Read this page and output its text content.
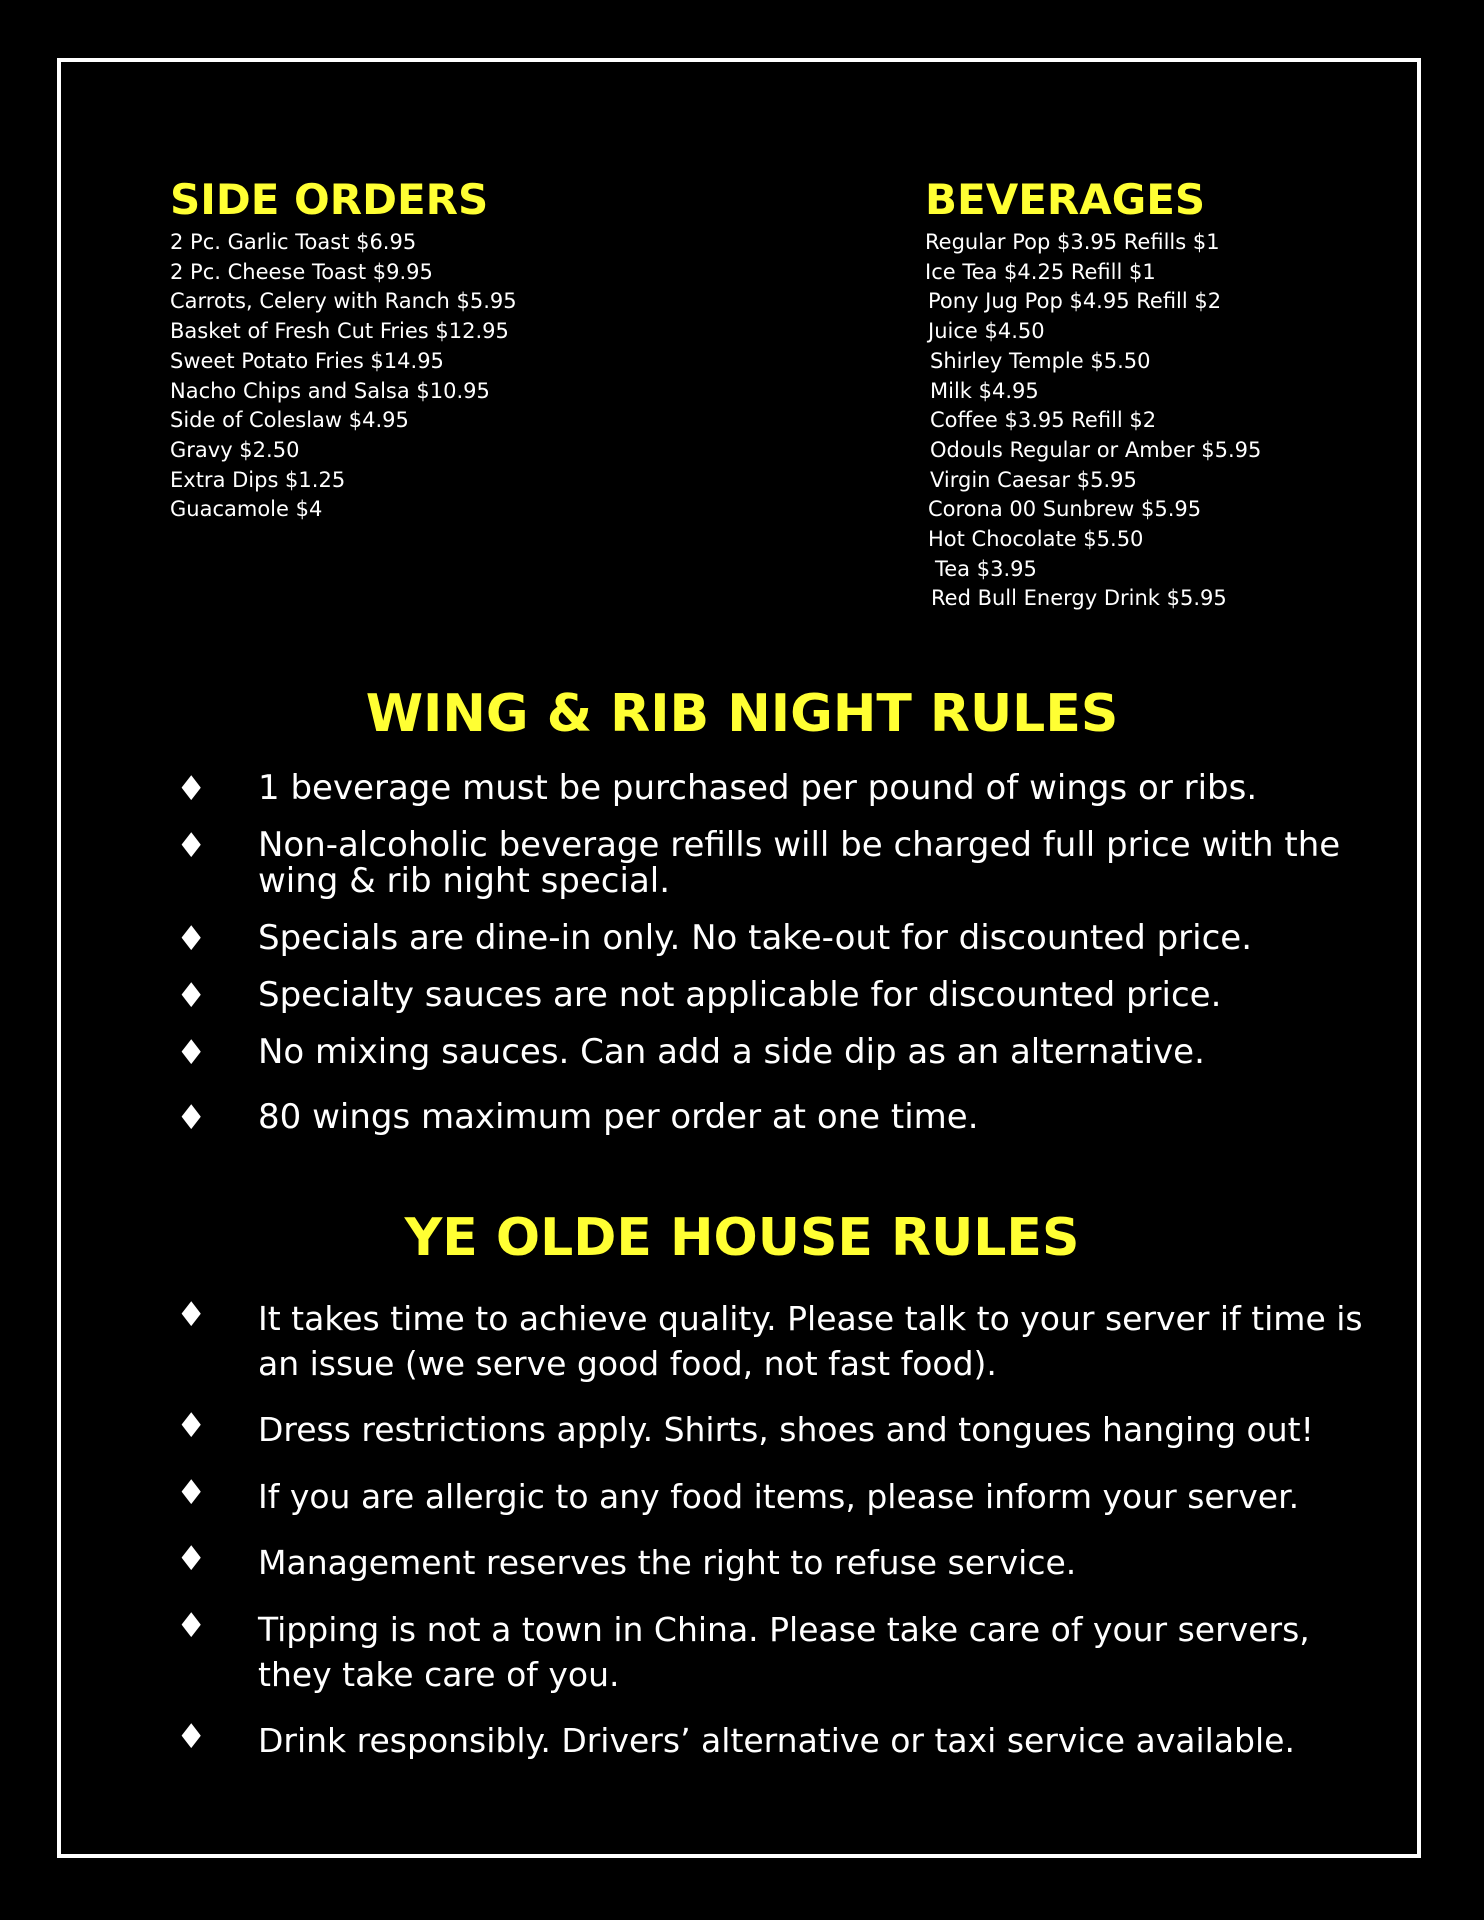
SIDE ORDERS
2 Pc. Garlic Toast $6.95
2 Pc. Cheese Toast $9.95
Carrots, Celery with Ranch $5.95
Basket of Fresh Cut Fries $12.95
Sweet Potato Fries $14.95
Nacho Chips and Salsa $10.95
Side of Coleslaw $4.95
Gravy $2.50
Extra Dips $1.25
Guacamole $4
BEVERAGES
Regular Pop $3.95 Refills $1
Ice Tea $4.25 Refill $1
Pony Jug Pop $4.95 Refill $2
Juice $4.50
Shirley Temple $5.50
Milk $4.95
Coffee $3.95 Refill $2
Odouls Regular or Amber $5.95
Virgin Caesar $5.95
Corona 00 Sunbrew $5.95
Hot Chocolate $5.50
Tea $3.95
Red Bull Energy Drink $5.95
WING & RIB NIGHT RULES
♦ 1 beverage must be purchased per pound of wings or ribs.
♦ Non-alcoholic beverage refills will be charged full price with the wing & rib night special.
♦ Specials are dine-in only. No take-out for discounted price.
♦ Specialty sauces are not applicable for discounted price.
♦ No mixing sauces. Can add a side dip as an alternative.
♦ 80 wings maximum per order at one time.
YE OLDE HOUSE RULES
♦ It takes time to achieve quality. Please talk to your server if time is an issue (we serve good food, not fast food).
♦ Dress restrictions apply. Shirts, shoes and tongues hanging out!
♦ If you are allergic to any food items, please inform your server.
♦ Management reserves the right to refuse service.
♦ Tipping is not a town in China. Please take care of your servers, they take care of you.
♦ Drink responsibly. Drivers’ alternative or taxi service available.
